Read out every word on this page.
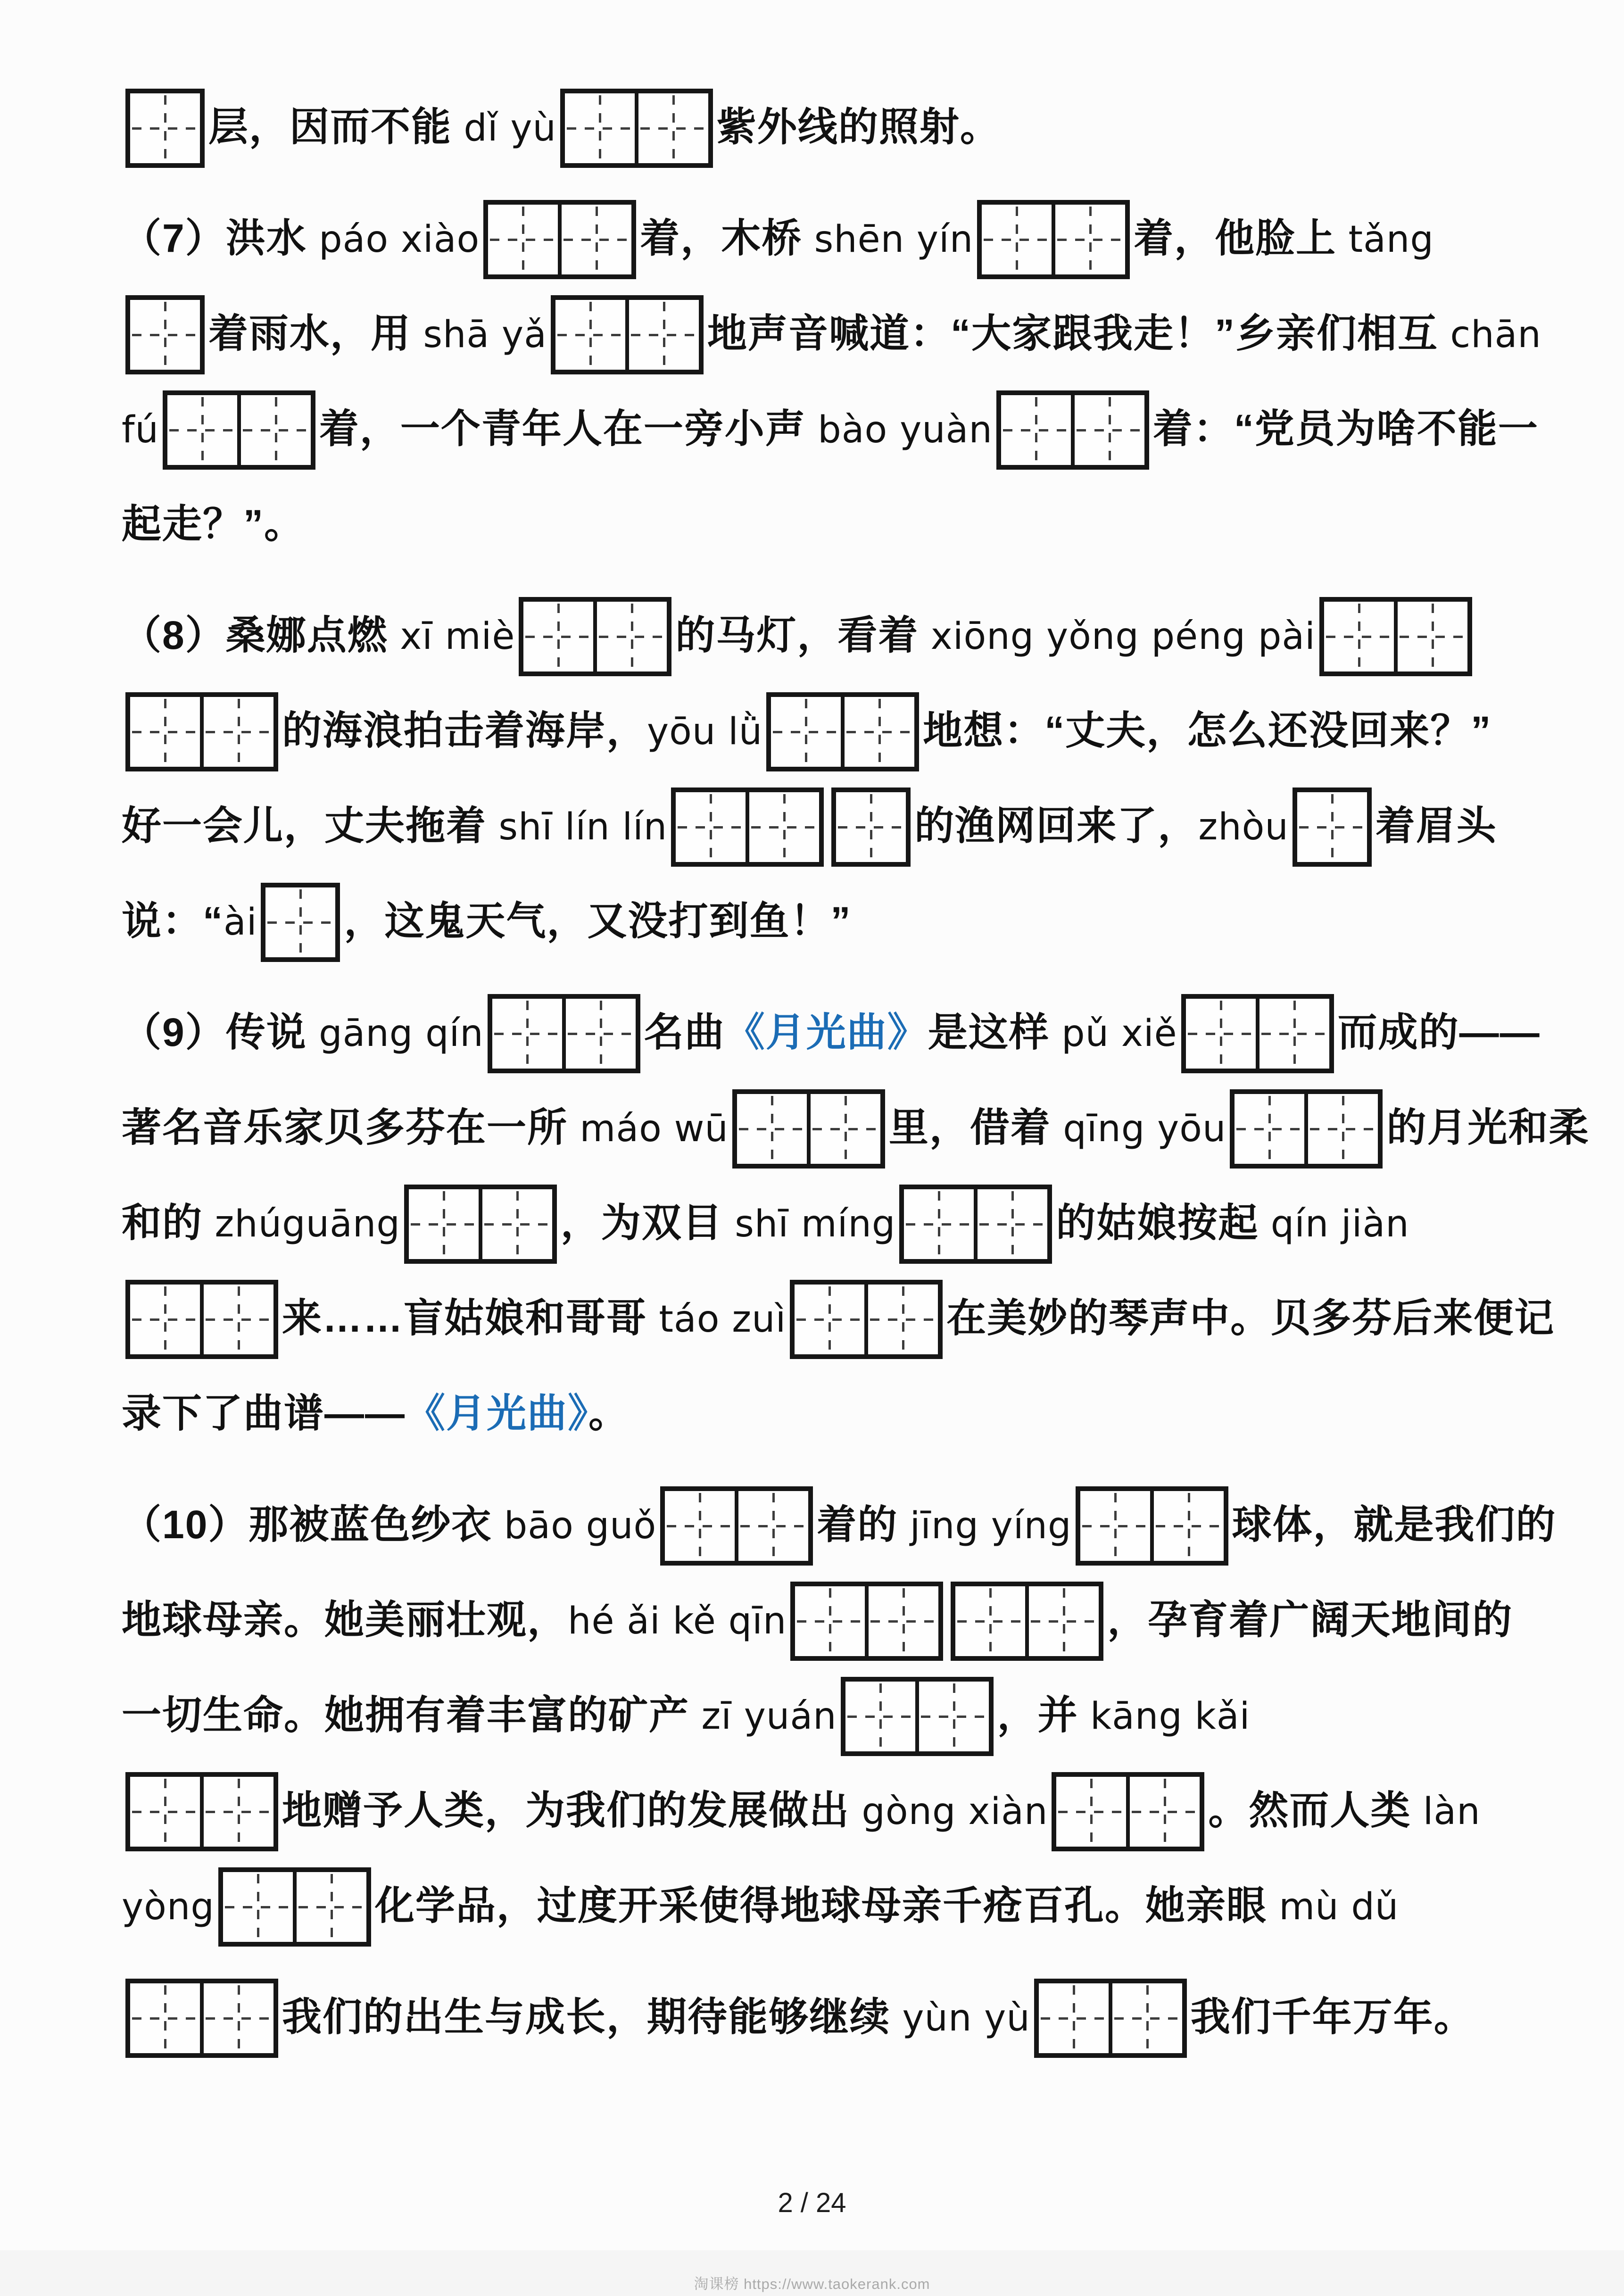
层，因而不能 dǐ yù	紫外线的照射。
（7）洪水 páo xiào	着，木桥 shēn yín	着，他脸上 tǎng
着雨水，用 shā yǎ	地声音喊道：“大家跟我走！”乡亲们相互 chān
fú	着，一个青年人在一旁小声 bào yuàn	着：“党员为啥不能一
起走？”。
（8）桑娜点燃 xī miè	的马灯，看着 xiōng yǒng péng pài
的海浪拍击着海岸，yōu lǜ	地想：“丈夫，怎么还没回来？”
好一会儿，丈夫拖着 shī lín lín	的渔网回来了，zhòu 着眉头
说：“ài ，这鬼天气，又没打到鱼！”
（9）传说 gāng qín	名曲《月光曲》是这样 pǔ xiě	而成的——
著名音乐家贝多芬在一所 máo wū	里，借着 qīng yōu	的月光和柔
和的 zhúguāng	，为双目 shī míng	的姑娘按起 qín jiàn
来……盲姑娘和哥哥 táo zuì	在美妙的琴声中。贝多芬后来便记
录下了曲谱——《月光曲》。
（10）那被蓝色纱衣 bāo guǒ	着的 jīng yíng	球体，就是我们的
地球母亲。她美丽壮观，hé ǎi kě qīn	，孕育着广阔天地间的
一切生命。她拥有着丰富的矿产 zī yuán	，并 kāng kǎi
地赠予人类，为我们的发展做出 gòng xiàn	。然而人类 làn
yòng	化学品，过度开采使得地球母亲千疮百孔。她亲眼 mù dǔ
我们的出生与成长，期待能够继续 yùn yù	我们千年万年。
2 / 24
淘课榜 https://www.taokerank.com
